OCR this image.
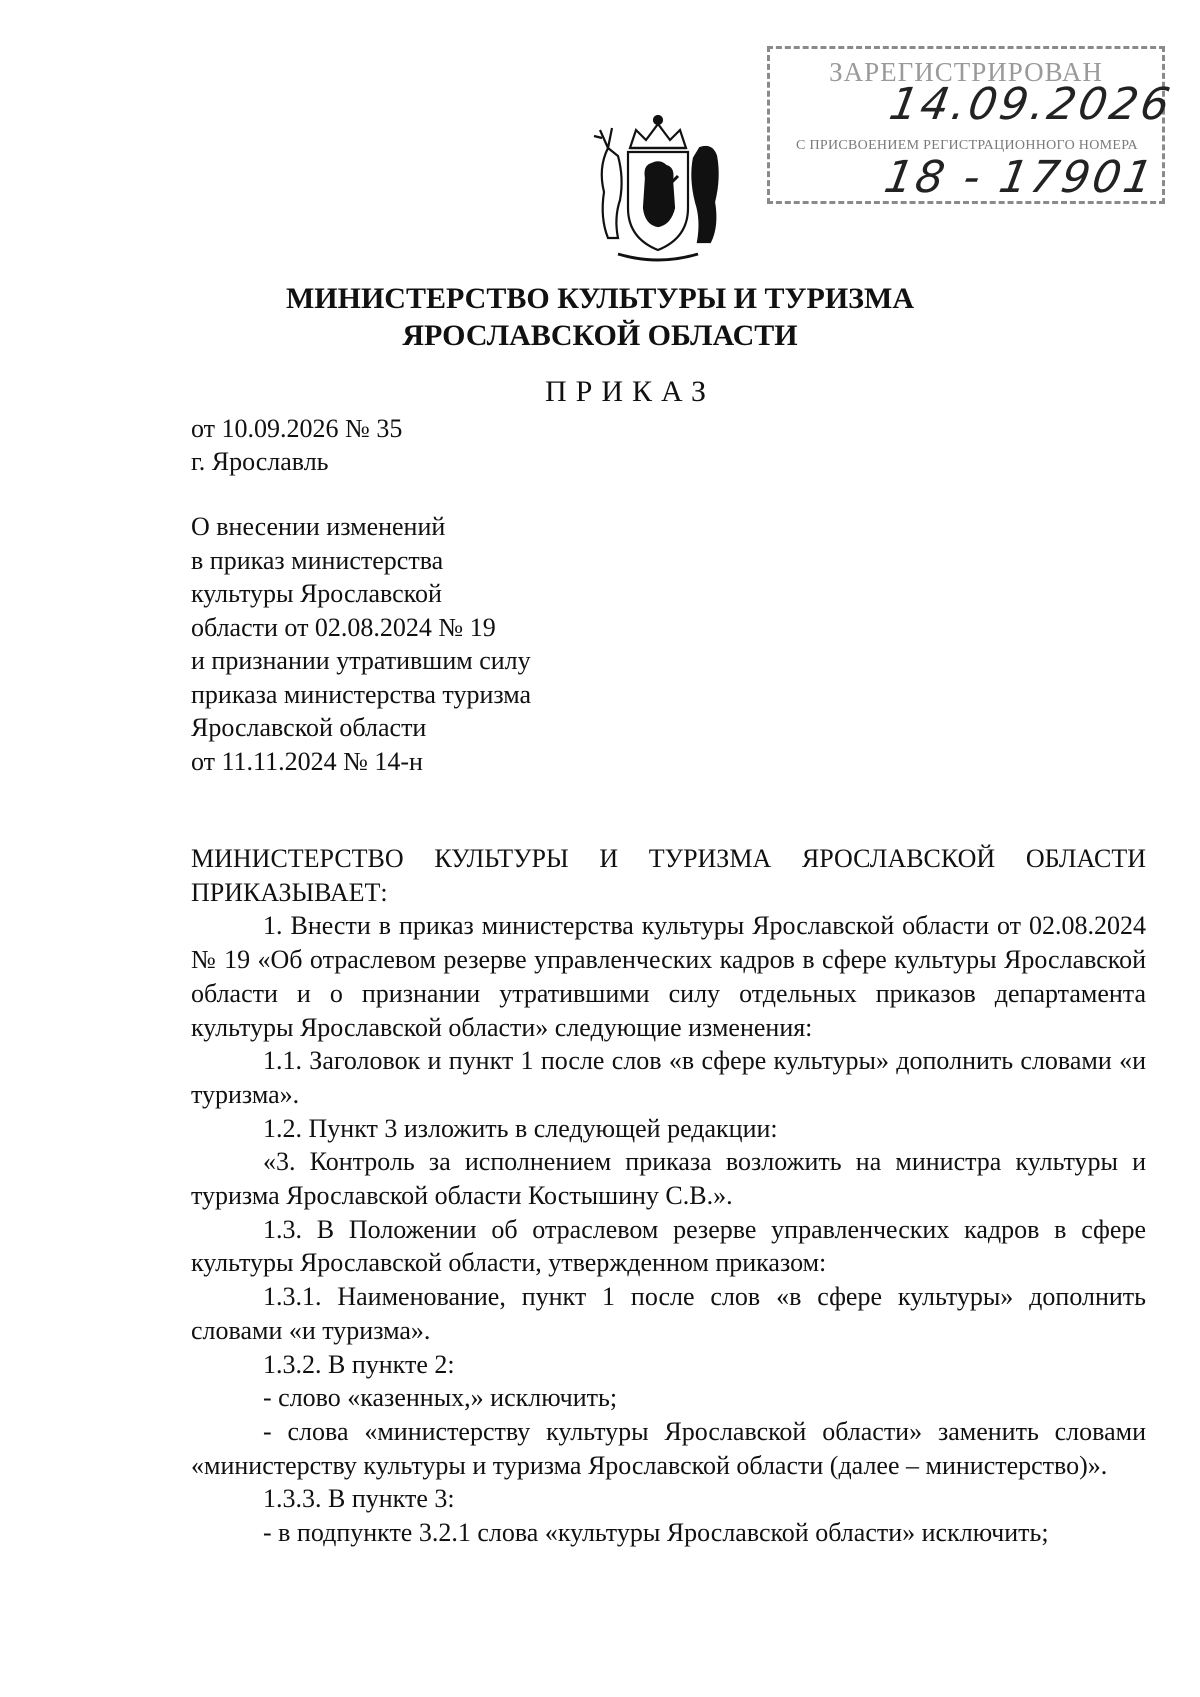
ЗАРЕГИСТРИРОВАН
14.09.2026
С ПРИСВОЕНИЕМ РЕГИСТРАЦИОННОГО НОМЕРА
18 - 17901
МИНИСТЕРСТВО КУЛЬТУРЫ И ТУРИЗМА
ЯРОСЛАВСКОЙ ОБЛАСТИ
ПРИКАЗ
от 10.09.2026 № 35
г. Ярославль
О внесении изменений
в приказ министерства
культуры Ярославской
области от 02.08.2024 № 19
и признании утратившим силу
приказа министерства туризма
Ярославской области
от 11.11.2024 № 14-н

МИНИСТЕРСТВО КУЛЬТУРЫ И ТУРИЗМА ЯРОСЛАВСКОЙ ОБЛАСТИ ПРИКАЗЫВАЕТ:

1. Внести в приказ министерства культуры Ярославской области от 02.08.2024 № 19 «Об отраслевом резерве управленческих кадров в сфере культуры Ярославской области и о признании утратившими силу отдельных приказов департамента культуры Ярославской области» следующие изменения:

1.1. Заголовок и пункт 1 после слов «в сфере культуры» дополнить словами «и туризма».

1.2. Пункт 3 изложить в следующей редакции:

«3. Контроль за исполнением приказа возложить на министра культуры и туризма Ярославской области Костышину С.В.».

1.3. В Положении об отраслевом резерве управленческих кадров в сфере культуры Ярославской области, утвержденном приказом:

1.3.1. Наименование, пункт 1 после слов «в сфере культуры» дополнить словами «и туризма».

1.3.2. В пункте 2:

- слово «казенных,» исключить;

- слова «министерству культуры Ярославской области» заменить словами «министерству культуры и туризма Ярославской области (далее – министерство)».

1.3.3. В пункте 3:

- в подпункте 3.2.1 слова «культуры Ярославской области» исключить;
